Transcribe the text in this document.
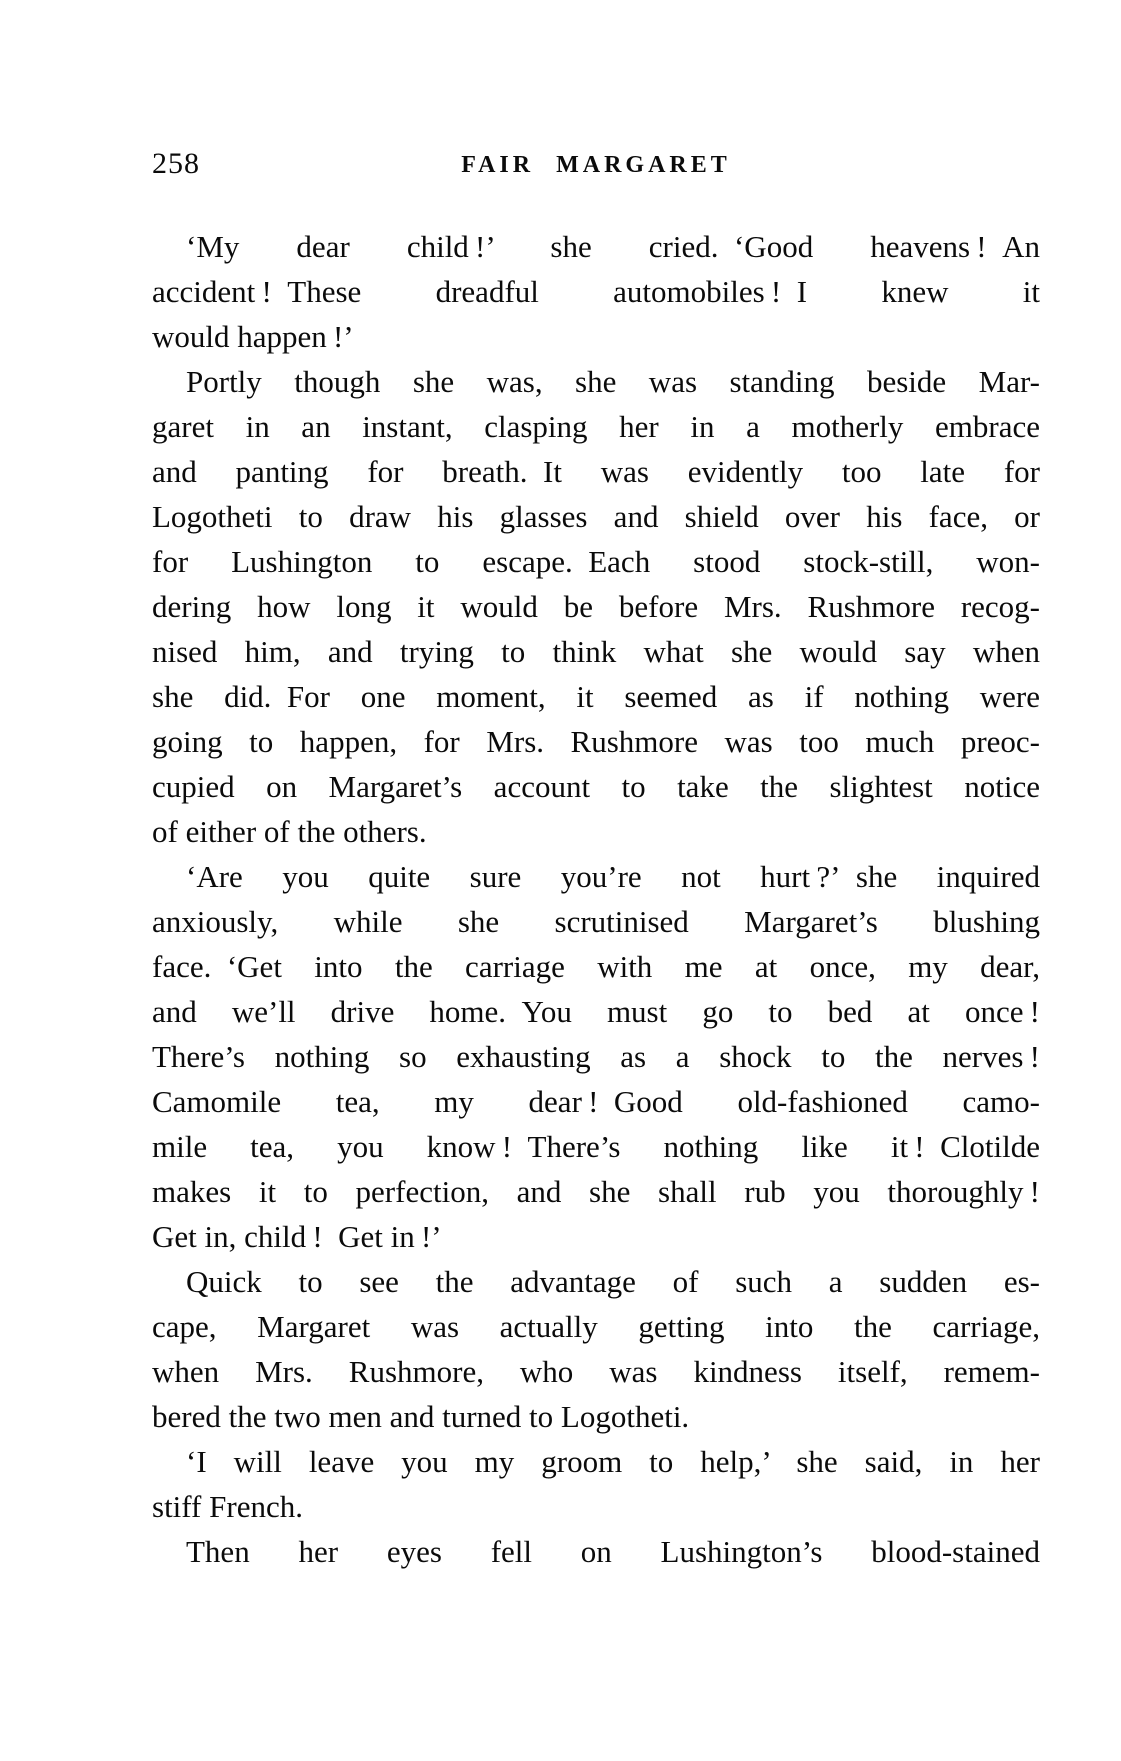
258	FAIR MARGARET
‘My dear child !’ she cried. ‘Good heavens ! An
accident ! These dreadful automobiles ! I knew it
would happen !’
Portly though she was, she was standing beside Mar-
garet in an instant, clasping her in a motherly embrace
and panting for breath. It was evidently too late for
Logotheti to draw his glasses and shield over his face, or
for Lushington to escape. Each stood stock-still, won-
dering how long it would be before Mrs. Rushmore recog-
nised him, and trying to think what she would say when
she did. For one moment, it seemed as if nothing were
going to happen, for Mrs. Rushmore was too much preoc-
cupied on Margaret’s account to take the slightest notice
of either of the others.
‘Are you quite sure you’re not hurt ?’ she inquired
anxiously, while she scrutinised Margaret’s blushing
face. ‘Get into the carriage with me at once, my dear,
and we’ll drive home. You must go to bed at once !
There’s nothing so exhausting as a shock to the nerves !
Camomile tea, my dear ! Good old-fashioned camo-
mile tea, you know ! There’s nothing like it ! Clotilde
makes it to perfection, and she shall rub you thoroughly !
Get in, child ! Get in !’
Quick to see the advantage of such a sudden es-
cape, Margaret was actually getting into the carriage,
when Mrs. Rushmore, who was kindness itself, remem-
bered the two men and turned to Logotheti.
‘I will leave you my groom to help,’ she said, in her
stiff French.
Then her eyes fell on Lushington’s blood-stained
